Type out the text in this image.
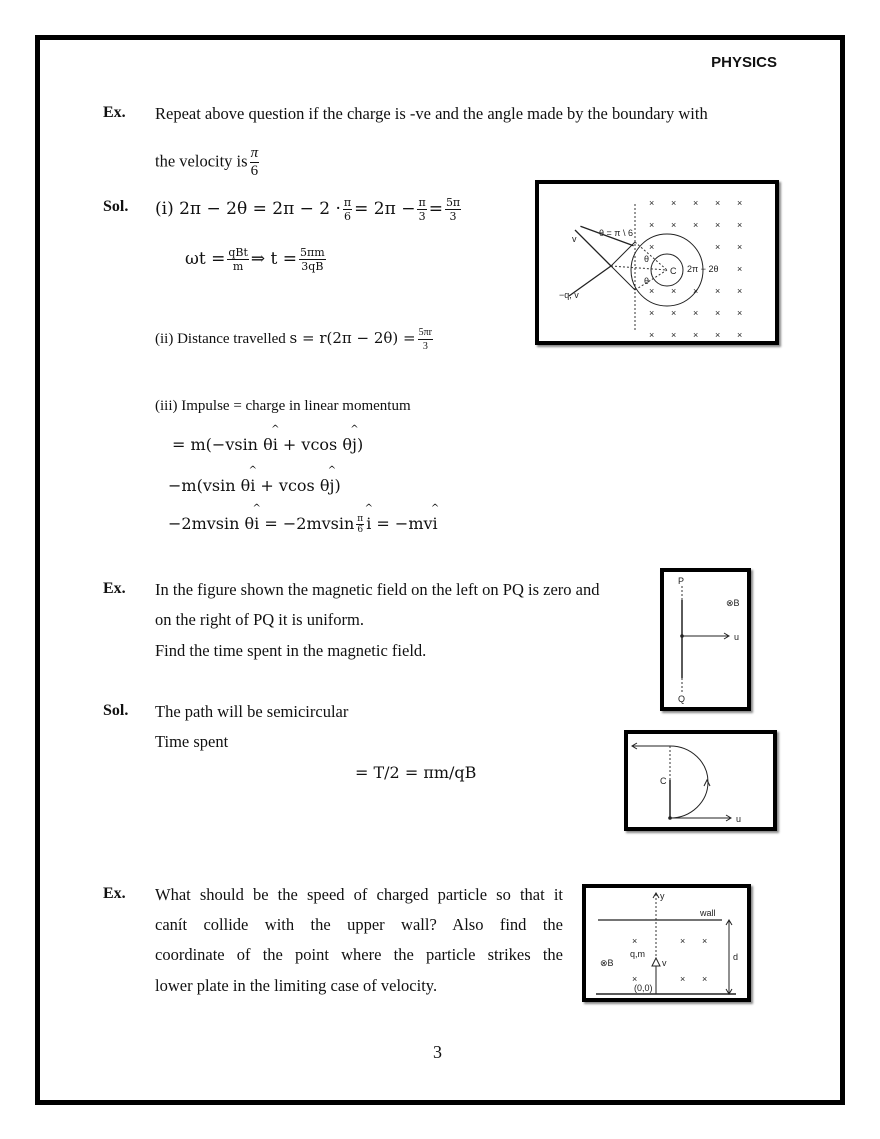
PHYSICS
Ex. Repeat above question if the charge is -ve and the angle made by the boundary with
the velocity is $\frac{\pi}{6}$
Sol. (i) $2\pi - 2\theta = 2\pi - 2 \cdot \frac{\pi}{6} = 2\pi - \frac{\pi}{3} = \frac{5\pi}{3}$
ωt = qBt
m ⇒ $t = \frac{5\pi m}{3qB}$
(ii) Distance travelled $s = r(2\pi - 2\theta) = \frac{5\pi r}{3}$
(iii) Impulse = charge in linear momentum
= m(−vsin θ^ i + vcos θ^ j)
−m(vsin θ^ i + vcos θ^ j)
−2mvsin θ^ $i = -2mvsin \frac{\pi}{6}$ ^ i = −mv^ i
× × × × ×
× × × × ×
×	× ×
×
× × × × ×
× × × × ×
× × × × ×
v
−q, v
θ = π \ 6
θ
θ
C 2π − 2θ
Ex. In the figure shown the magnetic field on the left on PQ is zero and
on the right of PQ it is uniform.
Find the time spent in the magnetic field.
P
Q
⊗B
u
Sol. The path will be semicircular
Time spent
= T/2 = πm/qB	C
u
Ex. What should be the speed of charged particle so that it
canít collide with the upper wall? Also find the
coordinate of the point where the particle strikes the
lower plate in the limiting case of velocity.
y
wall
d
×	× ×
×	× ×
⊗B
q,m
v
(0,0)
3
